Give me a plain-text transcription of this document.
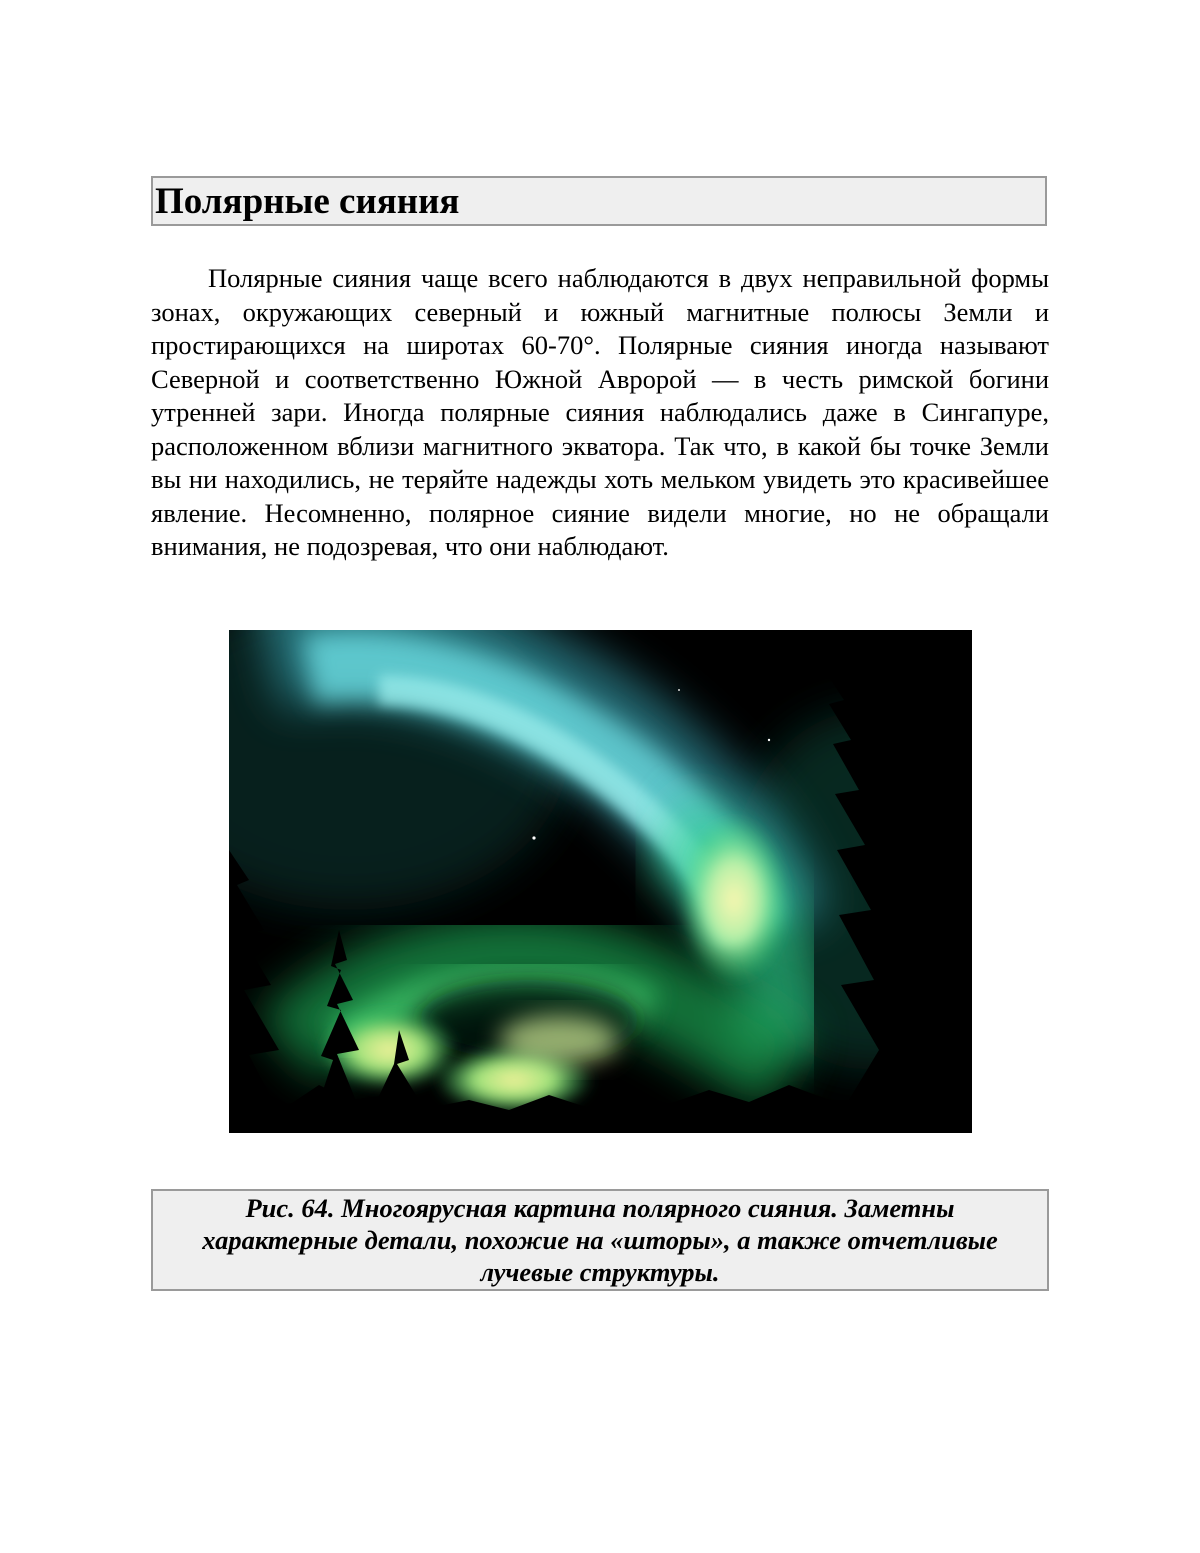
Полярные сияния

Полярные сияния чаще всего наблюдаются в двух неправильной формы зонах, окружающих северный и южный магнитные полюсы Земли и простирающихся на широтах 60-70°. Полярные сияния иногда называют Северной и соответственно Южной Авророй — в честь римской богини утренней зари. Иногда полярные сияния наблюдались даже в Сингапуре, расположенном вблизи магнитного экватора. Так что, в какой бы точке Земли вы ни находились, не теряйте надежды хоть мельком увидеть это красивейшее явление. Несомненно, полярное сияние видели многие, но не обращали внимания, не подозревая, что они наблюдают.

Рис. 64. Многоярусная картина полярного сияния. Заметны характерные детали, похожие на «шторы», а также отчетливые лучевые структуры.
